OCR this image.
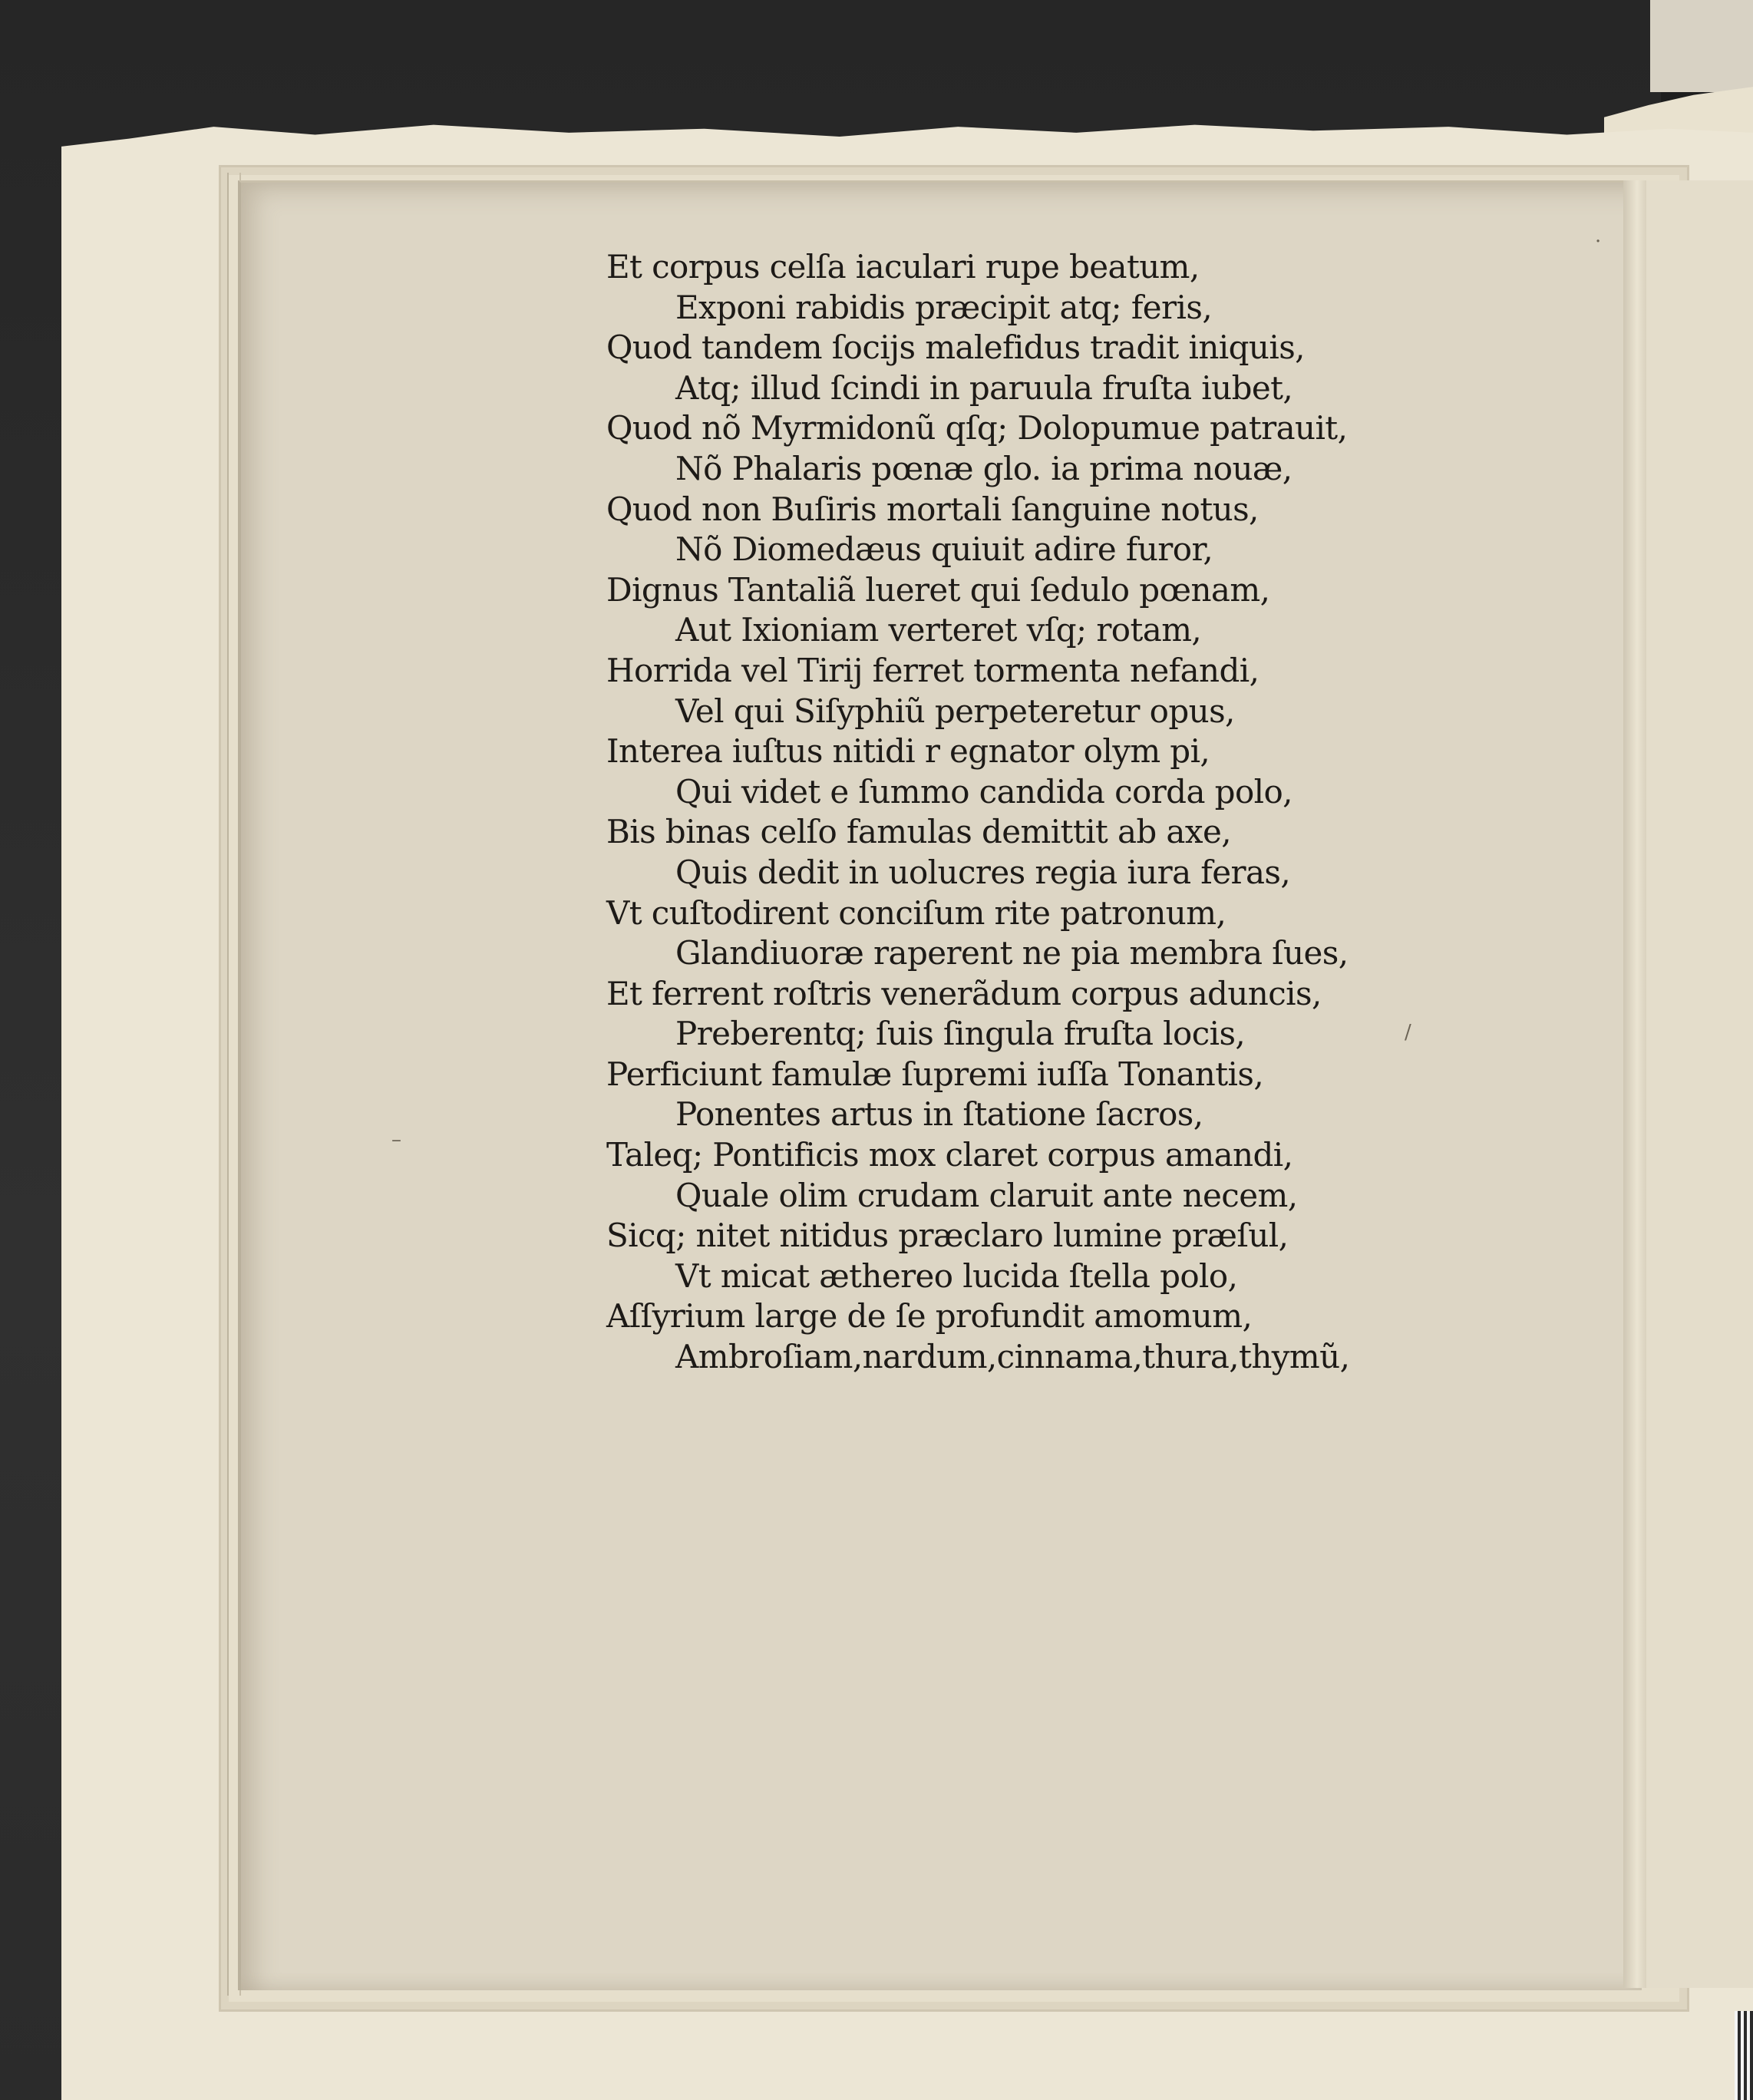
·
–
/
Et corpus celſa iaculari rupe beatum,
Exponi rabidis præcipit atq; feris,
Quod tandem ſocijs malefidus tradit iniquis,
Atq; illud ſcindi in paruula fruſta iubet,
Quod nõ Myrmidonũ qſq; Dolopumue patrauit,
Nõ Phalaris pœnæ glo. ia prima nouæ,
Quod non Buſiris mortali ſanguine notus,
Nõ Diomedæus quiuit adire furor,
Dignus Tantaliã lueret qui ſedulo pœnam,
Aut Ixioniam verteret vſq; rotam,
Horrida vel Tirij ferret tormenta nefandi,
Vel qui Siſyphiũ perpeteretur opus,
Interea iuſtus nitidi r egnator olym pi,
Qui videt e ſummo candida corda polo,
Bis binas celſo famulas demittit ab axe,
Quis dedit in uolucres regia iura feras,
Vt cuſtodirent conciſum rite patronum,
Glandiuoræ raperent ne pia membra ſues,
Et ferrent roſtris venerãdum corpus aduncis,
Preberentq; ſuis ſingula fruſta locis,
Perficiunt famulæ ſupremi iuſſa Tonantis,
Ponentes artus in ſtatione ſacros,
Taleq; Pontificis mox claret corpus amandi,
Quale olim crudam claruit ante necem,
Sicq; nitet nitidus præclaro lumine præſul,
Vt micat æthereo lucida ſtella polo,
Aſſyrium large de ſe profundit amomum,
Ambroſiam,nardum,cinnama,thura,thymũ,
